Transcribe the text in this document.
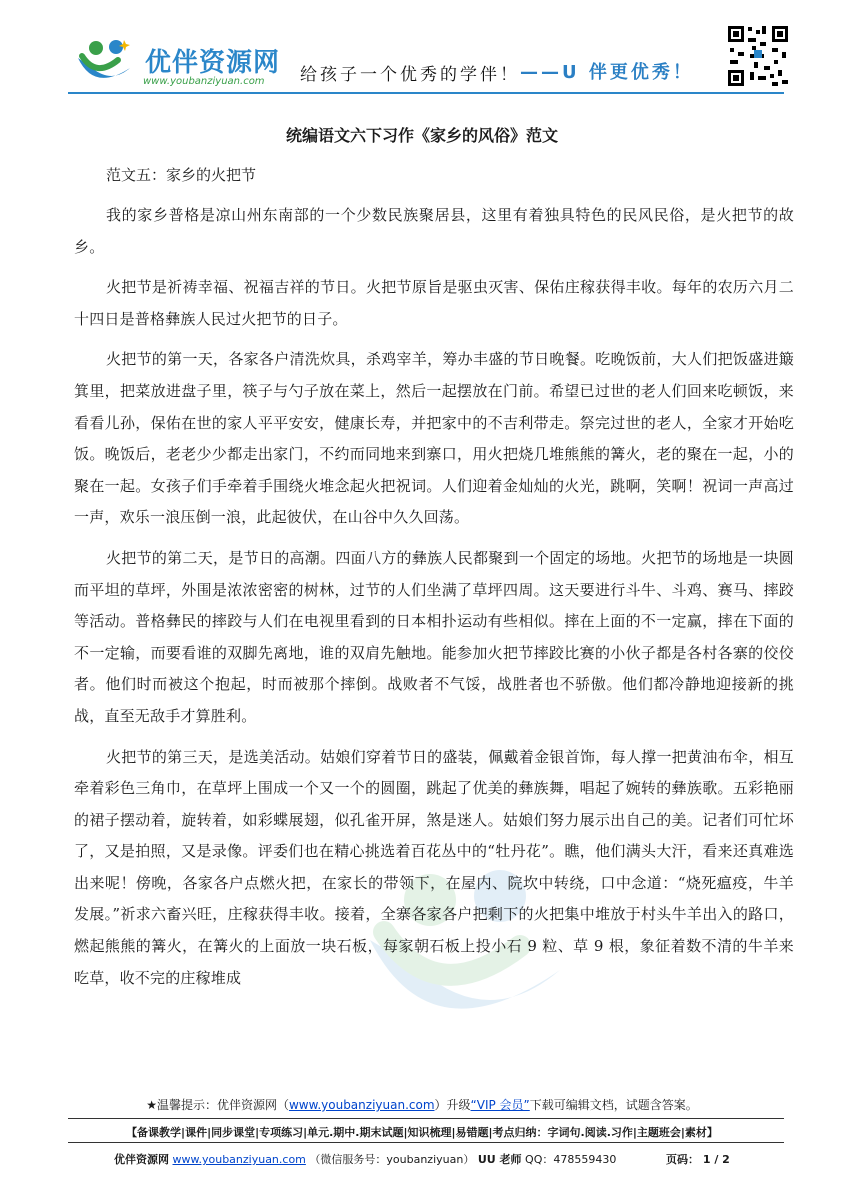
优伴资源网
www.youbanziyuan.com 给孩子一个优秀的学伴！ ——U 伴更优秀！
统编语文六下习作《家乡的风俗》范文
范文五：家乡的火把节

我的家乡普格是凉山州东南部的一个少数民族聚居县，这里有着独具特色的民风民俗，是火把节的故乡。

火把节是祈祷幸福、祝福吉祥的节日。火把节原旨是驱虫灭害、保佑庄稼获得丰收。每年的农历六月二十四日是普格彝族人民过火把节的日子。

火把节的第一天，各家各户清洗炊具，杀鸡宰羊，筹办丰盛的节日晚餐。吃晚饭前，大人们把饭盛进簸箕里，把菜放进盘子里，筷子与勺子放在菜上，然后一起摆放在门前。希望已过世的老人们回来吃顿饭，来看看儿孙，保佑在世的家人平平安安，健康长寿，并把家中的不吉利带走。祭完过世的老人，全家才开始吃饭。晚饭后，老老少少都走出家门，不约而同地来到寨口，用火把烧几堆熊熊的篝火，老的聚在一起，小的聚在一起。女孩子们手牵着手围绕火堆念起火把祝词。人们迎着金灿灿的火光，跳啊，笑啊！祝词一声高过一声，欢乐一浪压倒一浪，此起彼伏，在山谷中久久回荡。

火把节的第二天，是节日的高潮。四面八方的彝族人民都聚到一个固定的场地。火把节的场地是一块圆而平坦的草坪，外围是浓浓密密的树林，过节的人们坐满了草坪四周。这天要进行斗牛、斗鸡、赛马、摔跤等活动。普格彝民的摔跤与人们在电视里看到的日本相扑运动有些相似。摔在上面的不一定赢，摔在下面的不一定输，而要看谁的双脚先离地，谁的双肩先触地。能参加火把节摔跤比赛的小伙子都是各村各寨的佼佼者。他们时而被这个抱起，时而被那个摔倒。战败者不气馁，战胜者也不骄傲。他们都冷静地迎接新的挑战，直至无敌手才算胜利。

火把节的第三天，是选美活动。姑娘们穿着节日的盛装，佩戴着金银首饰，每人撑一把黄油布伞，相互牵着彩色三角巾，在草坪上围成一个又一个的圆圈，跳起了优美的彝族舞，唱起了婉转的彝族歌。五彩艳丽的裙子摆动着，旋转着，如彩蝶展翅，似孔雀开屏，煞是迷人。姑娘们努力展示出自己的美。记者们可忙坏了，又是拍照，又是录像。评委们也在精心挑选着百花丛中的“牡丹花”。瞧，他们满头大汗，看来还真难选出来呢！傍晚，各家各户点燃火把，在家长的带领下，在屋内、院坎中转绕，口中念道：“烧死瘟疫，牛羊发展。”祈求六畜兴旺，庄稼获得丰收。接着，全寨各家各户把剩下的火把集中堆放于村头牛羊出入的路口，燃起熊熊的篝火，在篝火的上面放一块石板，每家朝石板上投小石 9 粒、草 9 根，象征着数不清的牛羊来吃草，收不完的庄稼堆成

★温馨提示：优伴资源网（www.youbanziyuan.com）升级“VIP 会员”下载可编辑文档，试题含答案。
【备课教学|课件|同步课堂|专项练习|单元.期中.期末试题|知识梳理|易错题|考点归纳：字词句.阅读.习作|主题班会|素材】
优伴资源网 www.youbanziyuan.com （微信服务号：youbanziyuan） UU 老师 QQ：478559430	页码： 1 / 2
